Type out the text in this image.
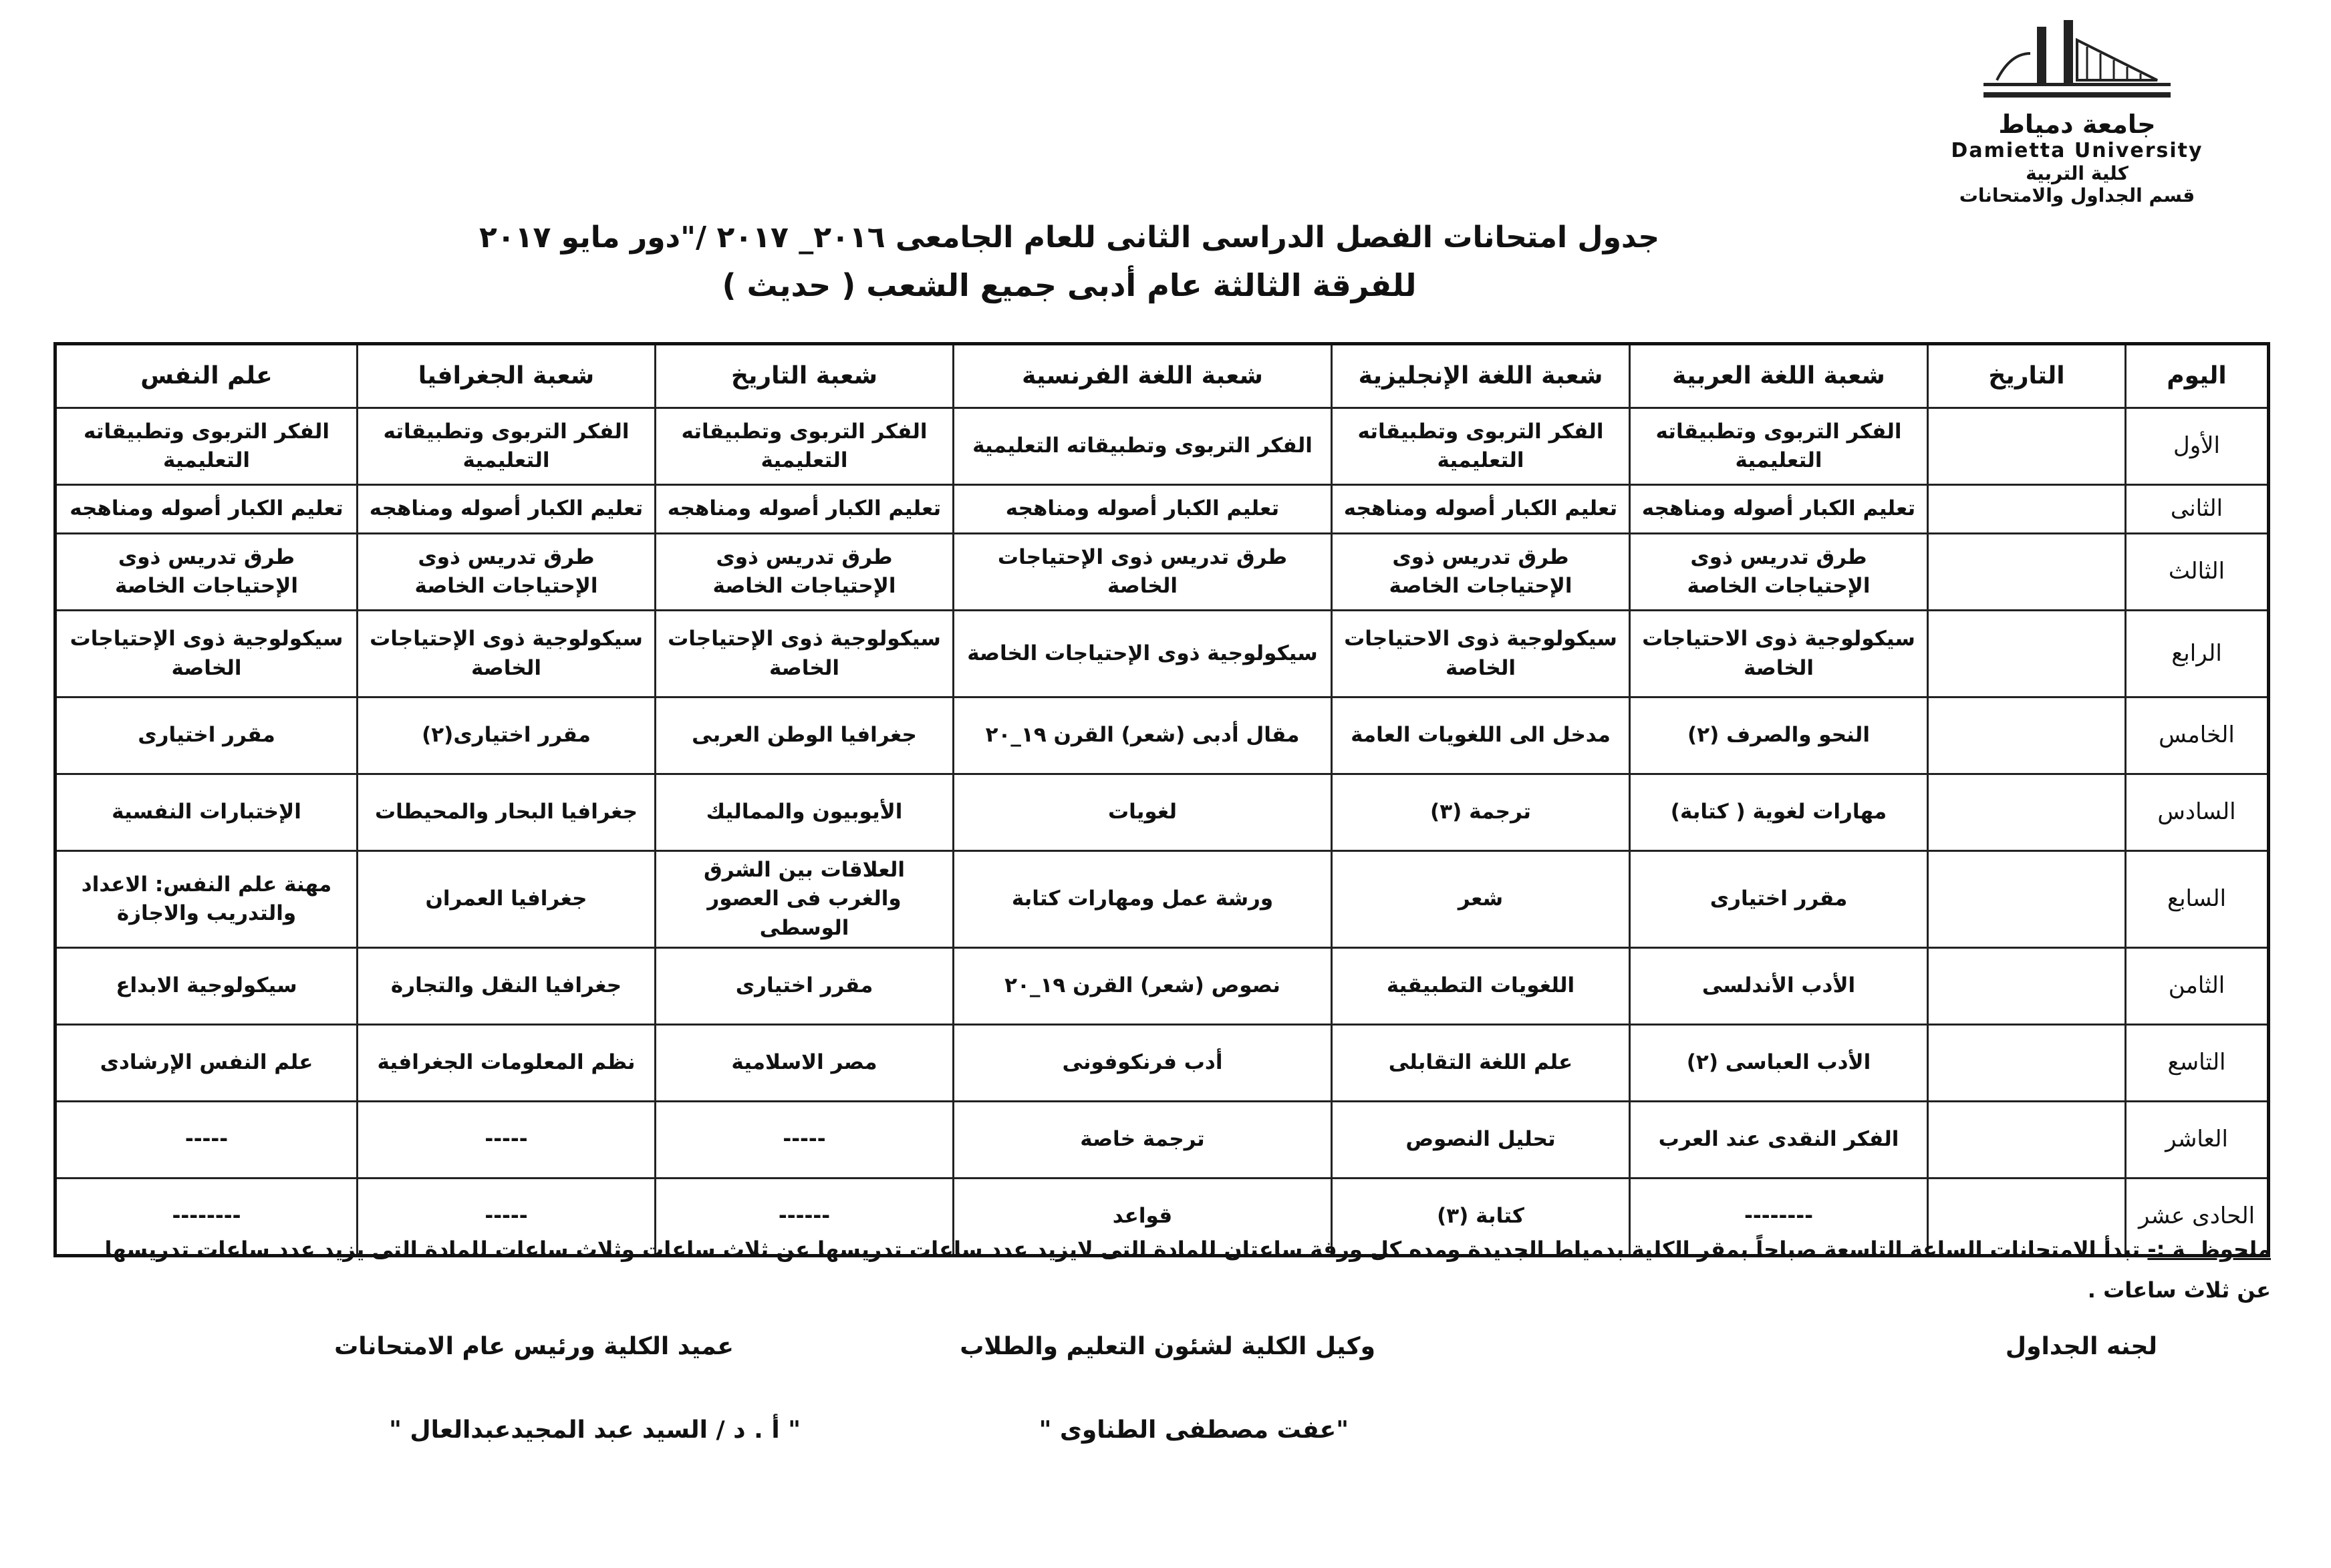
جامعة دمياط
Damietta University
كلية التربية
قسم الجداول والامتحانات
جدول امتحانات الفصل الدراسى الثانى للعام الجامعى ٢٠١٦_ ٢٠١٧ /"دور مايو ٢٠١٧
للفرقة الثالثة عام أدبى جميع الشعب ( حديث )
اليوم	التاريخ	شعبة اللغة العربية	شعبة اللغة الإنجليزية	شعبة اللغة الفرنسية	شعبة التاريخ	شعبة الجغرافيا	علم النفس
الأول		الفكر التربوى وتطبيقاته التعليمية	الفكر التربوى وتطبيقاته التعليمية	الفكر التربوى وتطبيقاته التعليمية	الفكر التربوى وتطبيقاته التعليمية	الفكر التربوى وتطبيقاته التعليمية	الفكر التربوى وتطبيقاته التعليمية
الثانى		تعليم الكبار أصوله ومناهجه	تعليم الكبار أصوله ومناهجه	تعليم الكبار أصوله ومناهجه	تعليم الكبار أصوله ومناهجه	تعليم الكبار أصوله ومناهجه	تعليم الكبار أصوله ومناهجه
الثالث		طرق تدريس ذوى الإحتياجات الخاصة	طرق تدريس ذوى الإحتياجات الخاصة	طرق تدريس ذوى الإحتياجات الخاصة	طرق تدريس ذوى الإحتياجات الخاصة	طرق تدريس ذوى الإحتياجات الخاصة	طرق تدريس ذوى الإحتياجات الخاصة
الرابع		سيكولوجية ذوى الاحتياجات الخاصة	سيكولوجية ذوى الاحتياجات الخاصة	سيكولوجية ذوى الإحتياجات الخاصة	سيكولوجية ذوى الإحتياجات الخاصة	سيكولوجية ذوى الإحتياجات الخاصة	سيكولوجية ذوى الإحتياجات الخاصة
الخامس		النحو والصرف (٢)	مدخل الى اللغويات العامة	مقال أدبى (شعر) القرن ١٩_٢٠	جغرافيا الوطن العربى	مقرر اختيارى(٢)	مقرر اختيارى
السادس		مهارات لغوية ( كتابة)	ترجمة (٣)	لغويات	الأيوبيون والمماليك	جغرافيا البحار والمحيطات	الإختبارات النفسية
السابع		مقرر اختيارى	شعر	ورشة عمل ومهارات كتابة	العلاقات بين الشرق والغرب فى العصور الوسطى	جغرافيا العمران	مهنة علم النفس: الاعداد والتدريب والاجازة
الثامن		الأدب الأندلسى	اللغويات التطبيقية	نصوص (شعر) القرن ١٩_٢٠	مقرر اختيارى	جغرافيا النقل والتجارة	سيكولوجية الابداع
التاسع		الأدب العباسى (٢)	علم اللغة التقابلى	أدب فرنكوفونى	مصر الاسلامية	نظم المعلومات الجغرافية	علم النفس الإرشادى
العاشر		الفكر النقدى عند العرب	تحليل النصوص	ترجمة خاصة	-----	-----	-----
الحادى عشر		--------	كتابة (٣)	قواعد	------	-----	--------
ملحوظــة :- تبدأ الامتحانات الساعة التاسعة صباحاً بمقر الكلية بدمياط الجديدة ومده كل ورقة ساعتان للمادة التى لايزيد عدد ساعات تدريسها عن ثلاث ساعات وثلاث ساعات للمادة التى يزيد عدد ساعات تدريسها عن ثلاث ساعات .
لجنه الجداول
وكيل الكلية لشئون التعليم والطلاب
عميد الكلية ورئيس عام الامتحانات
"عفت مصطفى الطناوى "
" أ . د / السيد عبد المجيدعبدالعال "
